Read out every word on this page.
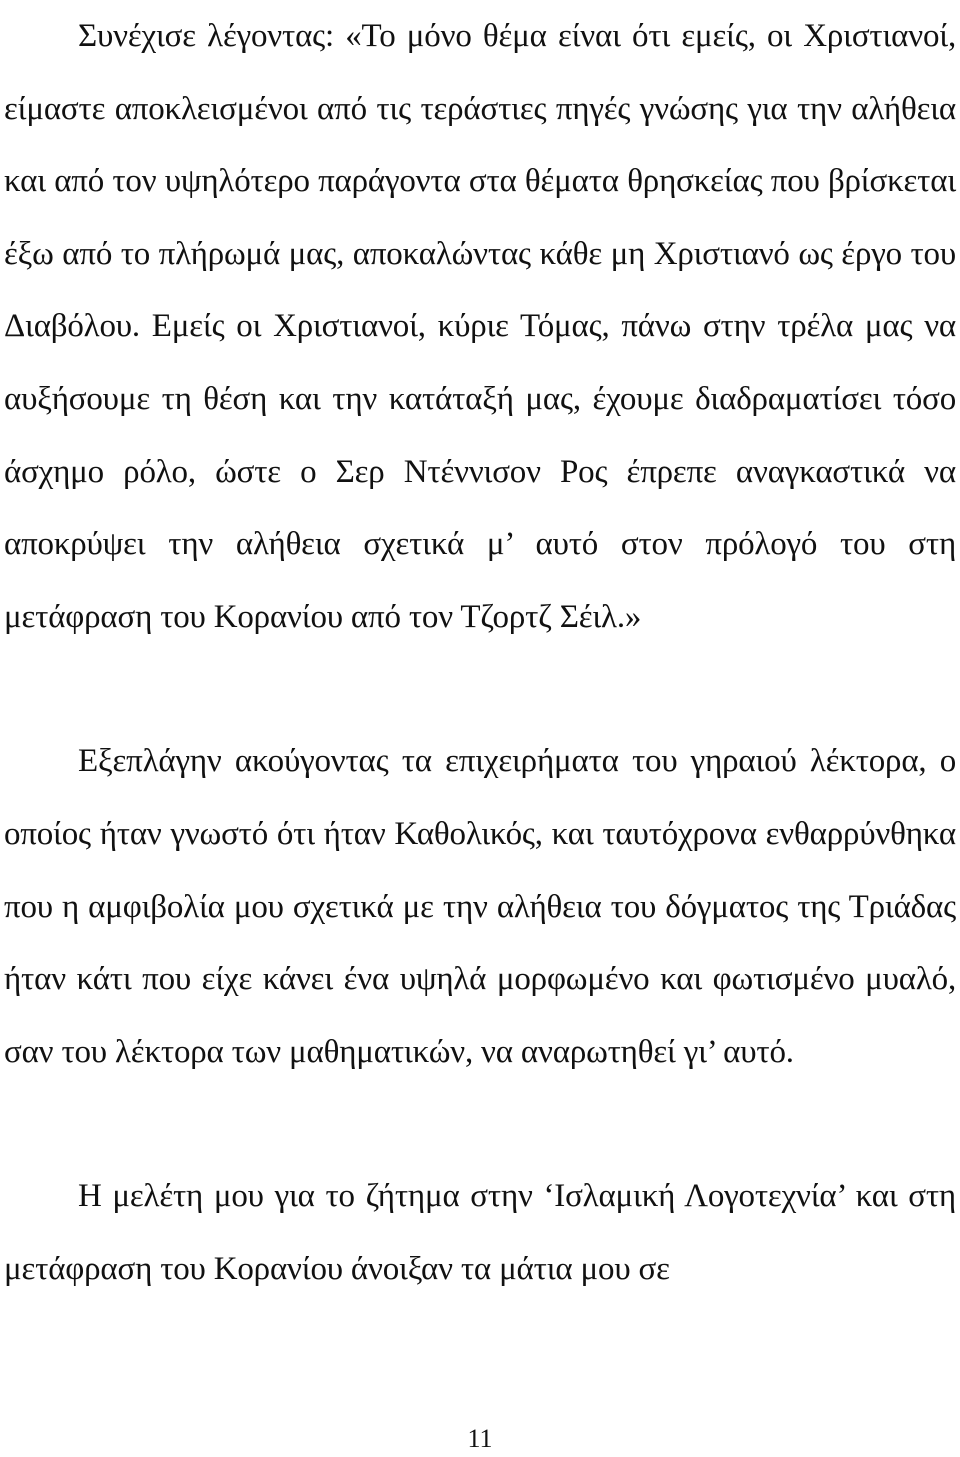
Συνέχισε λέγοντας: «Το μόνο θέμα είναι ότι εμείς, οι Χριστιανοί, είμαστε αποκλεισμένοι από τις τεράστιες πηγές γνώσης για την αλήθεια και από τον υψηλότερο παράγοντα στα θέματα θρησκείας που βρίσκεται έξω από το πλήρωμά μας, αποκαλώντας κάθε μη Χριστιανό ως έργο του Διαβόλου. Εμείς οι Χριστιανοί, κύριε Τόμας, πάνω στην τρέλα μας να αυξήσουμε τη θέση και την κατάταξή μας, έχουμε διαδραματίσει τόσο άσχημο ρόλο, ώστε ο Σερ Ντέννισον Ρος έπρεπε αναγκαστικά να αποκρύψει την αλήθεια σχετικά μ’ αυτό στον πρόλογό του στη μετάφραση του Κορανίου από τον Τζορτζ Σέιλ.»

Εξεπλάγην ακούγοντας τα επιχειρήματα του γηραιού λέκτορα, ο οποίος ήταν γνωστό ότι ήταν Καθολικός, και ταυτόχρονα ενθαρρύνθηκα που η αμφιβολία μου σχετικά με την αλήθεια του δόγματος της Τριάδας ήταν κάτι που είχε κάνει ένα υψηλά μορφωμένο και φωτισμένο μυαλό, σαν του λέκτορα των μαθηματικών, να αναρωτηθεί γι’ αυτό.

Η μελέτη μου για το ζήτημα στην ‘Ισλαμική Λογοτεχνία’ και στη μετάφραση του Κορανίου άνοιξαν τα μάτια μου σε

11
